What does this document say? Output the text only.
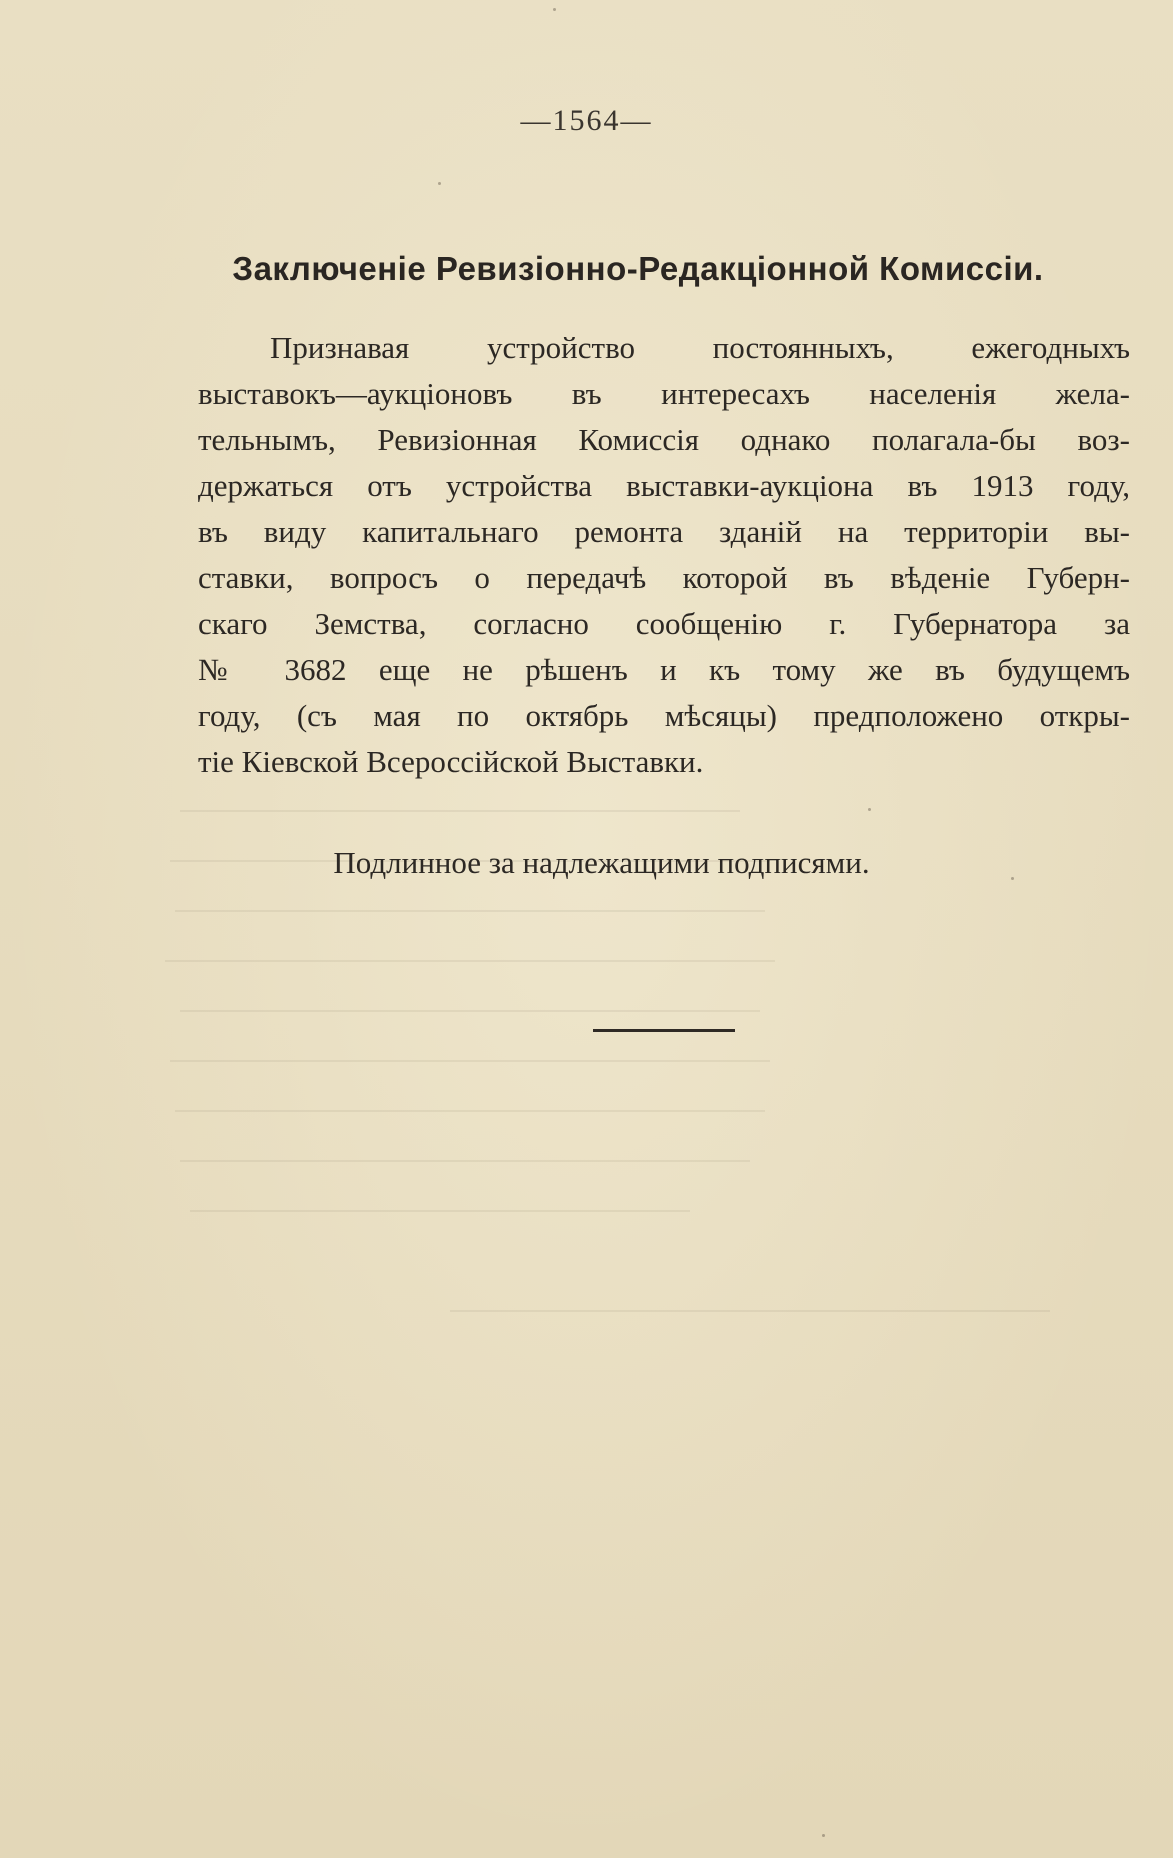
—1564—
Заключеніе Ревизіонно-Редакціонной Комиссіи.
Признавая устройство постоянныхъ, ежегодныхъ
выставокъ—аукціоновъ въ интересахъ населенія жела-
тельнымъ, Ревизіонная Комиссія однако полагала-бы воз-
держаться отъ устройства выставки-аукціона въ 1913 году,
въ виду капитальнаго ремонта зданій на территоріи вы-
ставки, вопросъ о передачѣ которой въ вѣденіе Губерн-
скаго Земства, согласно сообщенію г. Губернатора за
№ 3682 еще не рѣшенъ и къ тому же въ будущемъ
году, (съ мая по октябрь мѣсяцы) предположено откры-
тіе Кіевской Всероссійской Выставки.
Подлинное за надлежащими подписями.
